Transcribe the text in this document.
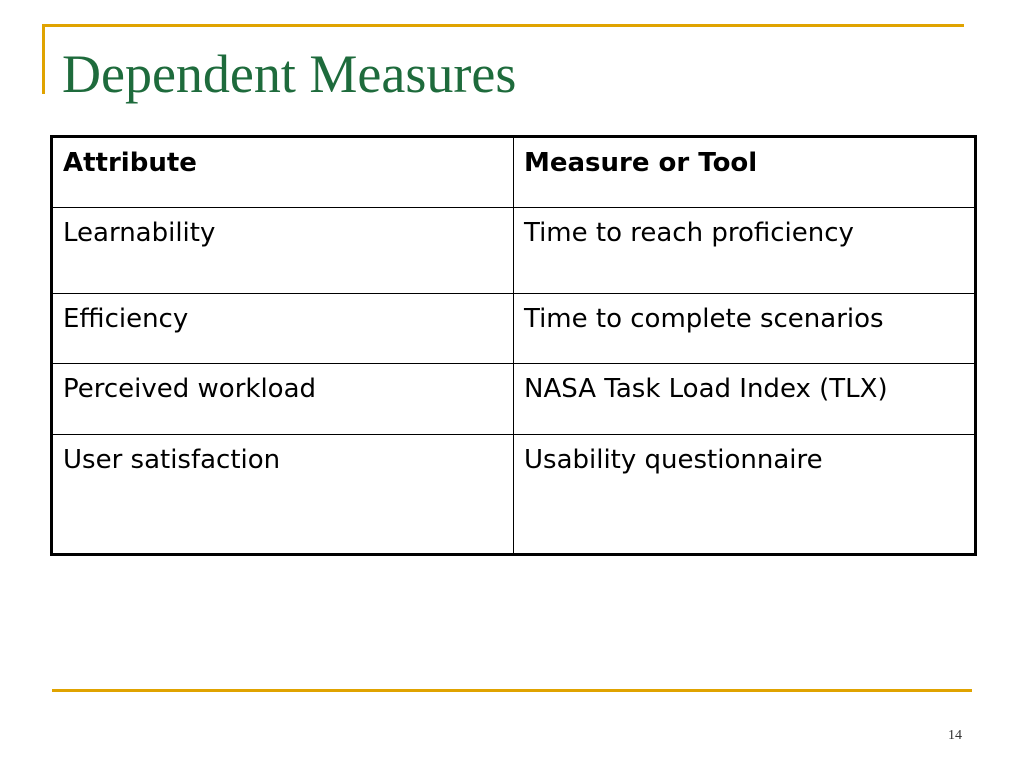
Dependent Measures
Attribute	Measure or Tool
Learnability	Time to reach proficiency
Efficiency	Time to complete scenarios
Perceived workload	NASA Task Load Index (TLX)
User satisfaction	Usability questionnaire
14
